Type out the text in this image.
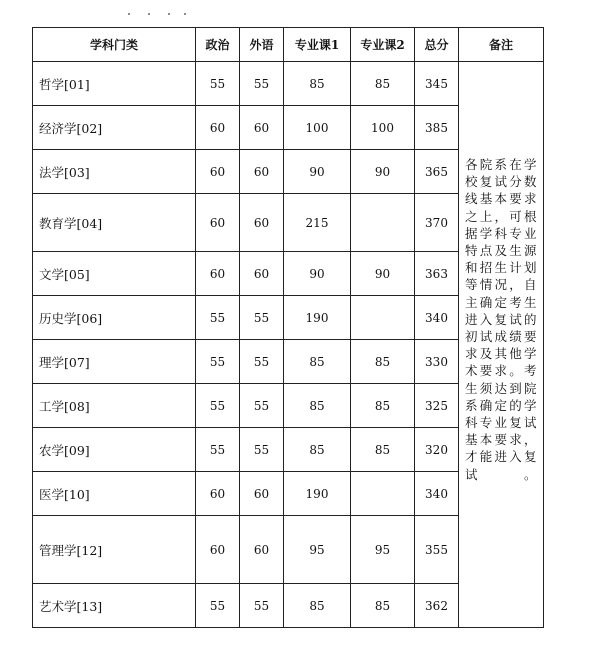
学科门类	政治	外语	专业课1	专业课2	总分	备注
哲学[01]	55	55	85	85	345	各院系在学校复试分数线基本要求之上，可根据学科专业特点及生源和招生计划等情况，自主确定考生进入复试的初试成绩要求及其他学术要求。考生须达到院系确定的学科专业复试基本要求，才能进入复试。

经济学[02]	60	60	100	100	385	
法学[03]	60	60	90	90	365	
教育学[04]	60	60	215		370	
文学[05]	60	60	90	90	363	
历史学[06]	55	55	190		340	
理学[07]	55	55	85	85	330	
工学[08]	55	55	85	85	325	
农学[09]	55	55	85	85	320	
医学[10]	60	60	190		340	
管理学[12]	60	60	95	95	355	
艺术学[13]	55	55	85	85	362	
